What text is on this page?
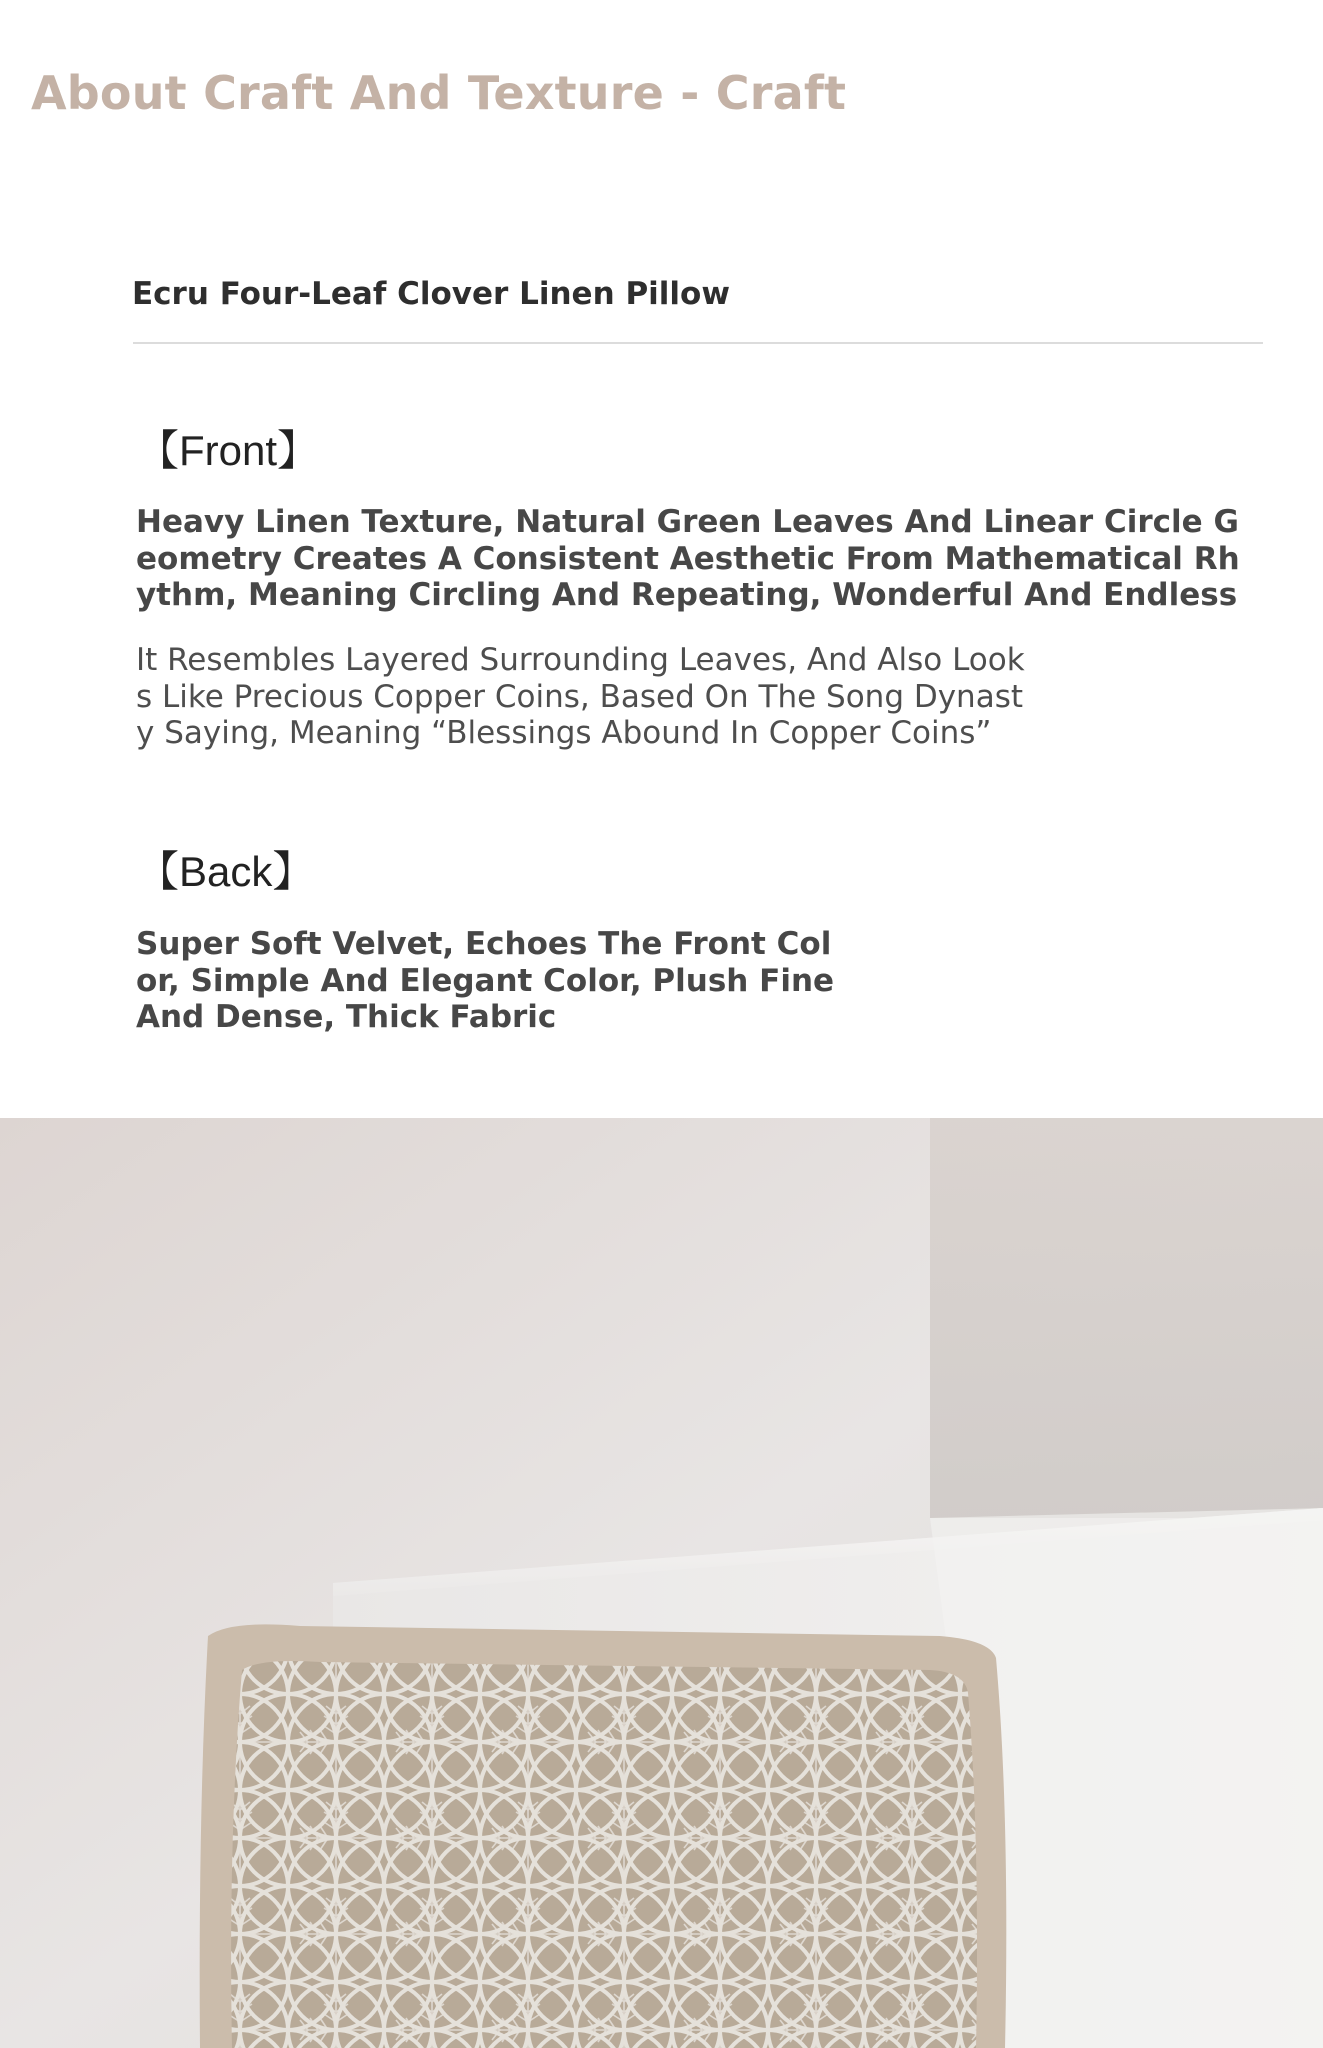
About Craft And Texture - Craft
Ecru Four-Leaf Clover Linen Pillow
【Front】

Heavy Linen Texture, Natural Green Leaves And Linear Circle G
eometry Creates A Consistent Aesthetic From Mathematical Rh
ythm, Meaning Circling And Repeating, Wonderful And Endless

It Resembles Layered Surrounding Leaves, And Also Look
s Like Precious Copper Coins, Based On The Song Dynast
y Saying, Meaning “Blessings Abound In Copper Coins”

【Back】

Super Soft Velvet, Echoes The Front Col
or, Simple And Elegant Color, Plush Fine
And Dense, Thick Fabric
